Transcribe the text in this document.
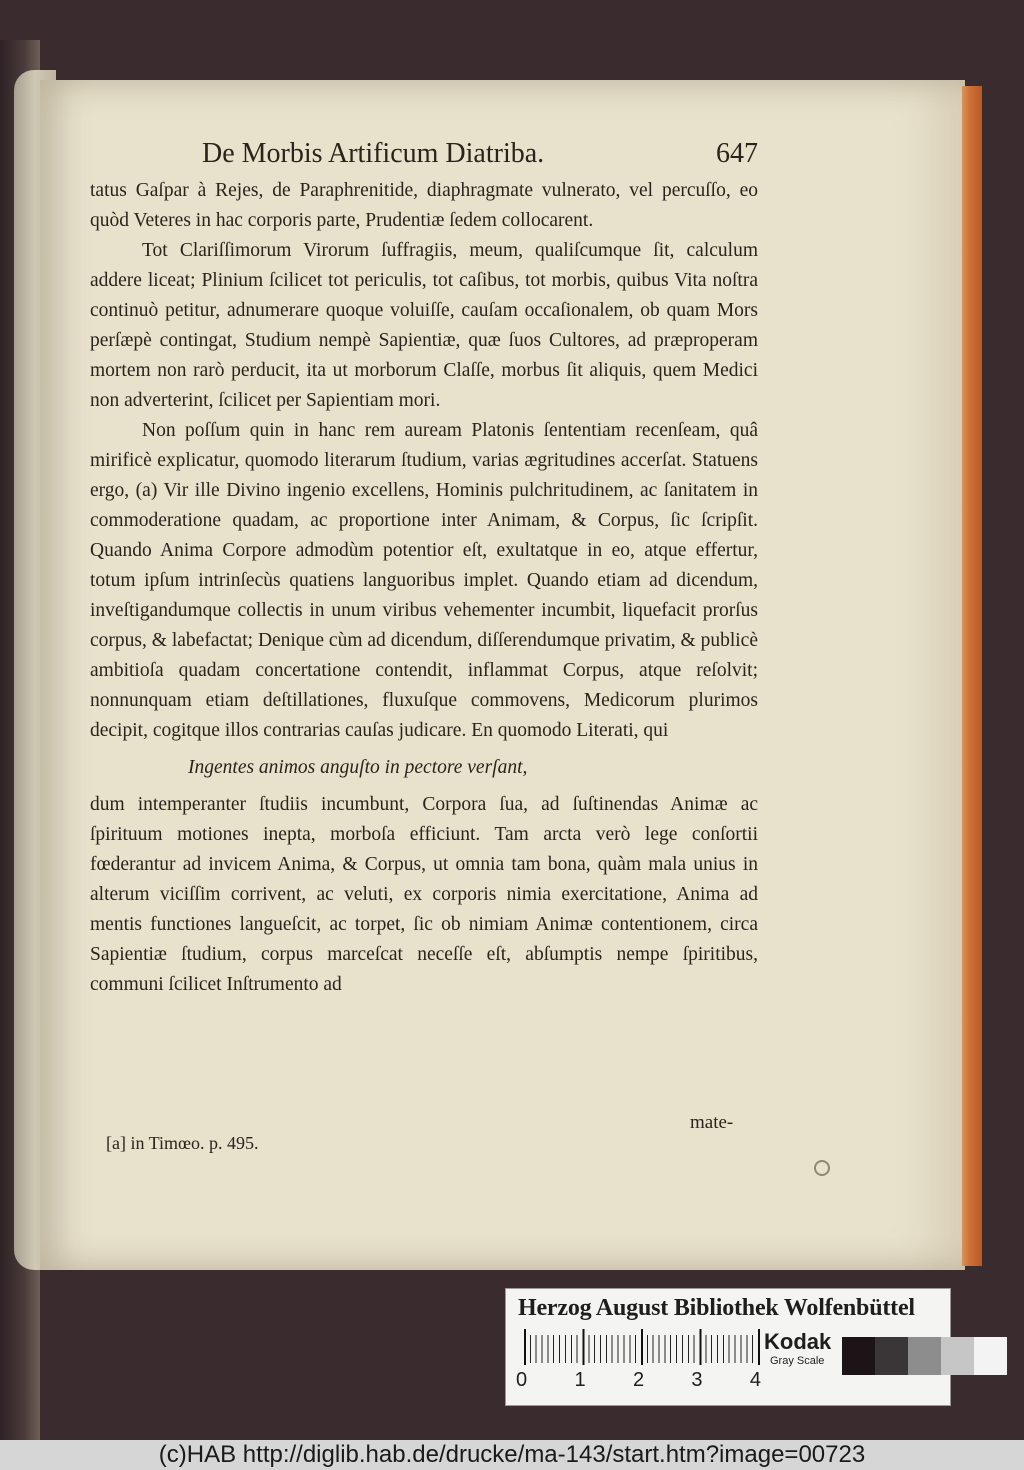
De Morbis Artificum Diatriba.	647

tatus Gaſpar à Rejes, de Paraphrenitide, diaphragmate vulnerato, vel percuſſo, eo quòd Veteres in hac corporis parte, Prudentiæ ſedem collocarent.

Tot Clariſſimorum Virorum ſuffragiis, meum, qualiſcumque ſit, calculum addere liceat; Plinium ſcilicet tot periculis, tot caſibus, tot morbis, quibus Vita noſtra continuò petitur, adnumerare quoque voluiſſe, cauſam occaſionalem, ob quam Mors perſæpè contingat, Studium nempè Sapientiæ, quæ ſuos Cultores, ad præproperam mortem non rarò perducit, ita ut morborum Claſſe, morbus ſit aliquis, quem Medici non adverterint, ſcilicet per Sapientiam mori.

Non poſſum quin in hanc rem auream Platonis ſententiam recenſeam, quâ mirificè explicatur, quomodo literarum ſtudium, varias ægritudines accerſat. Statuens ergo, (a) Vir ille Divino ingenio excellens, Hominis pulchritudinem, ac ſanitatem in commoderatione quadam, ac proportione inter Animam, & Corpus, ſic ſcripſit. Quando Anima Corpore admodùm potentior eſt, exultatque in eo, atque effertur, totum ipſum intrinſecùs quatiens languoribus implet. Quando etiam ad dicendum, inveſtigandumque collectis in unum viribus vehementer incumbit, liquefacit prorſus corpus, & labefactat; Denique cùm ad dicendum, diſſerendumque privatim, & publicè ambitioſa quadam concertatione contendit, inflammat Corpus, atque reſolvit; nonnunquam etiam deſtillationes, fluxuſque commovens, Medicorum plurimos decipit, cogitque illos contrarias cauſas judicare. En quomodo Literati, qui

Ingentes animos anguſto in pectore verſant,

dum intemperanter ſtudiis incumbunt, Corpora ſua, ad ſuſtinendas Animæ ac ſpirituum motiones inepta, morboſa efficiunt. Tam arcta verò lege conſortii fœderantur ad invicem Anima, & Corpus, ut omnia tam bona, quàm mala unius in alterum viciſſim corrivent, ac veluti, ex corporis nimia exercitatione, Anima ad mentis functiones langueſcit, ac torpet, ſic ob nimiam Animæ contentionem, circa Sapientiæ ſtudium, corpus marceſcat neceſſe eſt, abſumptis nempe ſpiritibus, communi ſcilicet Inſtrumento ad

mate-
[a] in Timœo. p. 495.
Herzog August Bibliothek Wolfenbüttel
0 1 2 3 4
Kodak
Gray Scale
(c)HAB http://diglib.hab.de/drucke/ma-143/start.htm?image=00723
